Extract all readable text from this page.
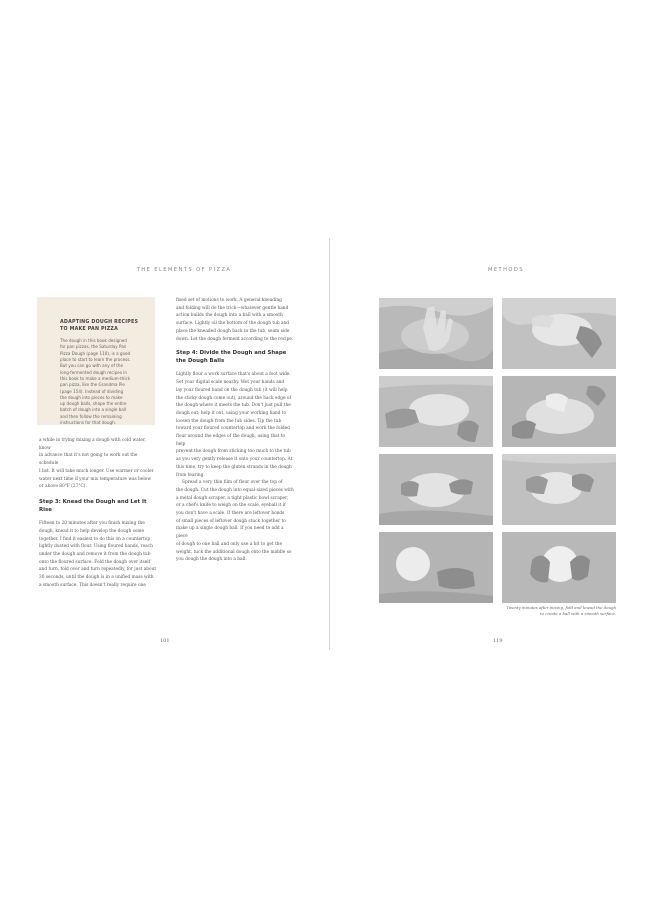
THE ELEMENTS OF PIZZA
ADAPTING DOUGH RECIPES
TO MAKE PAN PIZZA
The dough in this book designed
for pan pizzas, the Saturday Pan
Pizza Dough (page 110), is a good
place to start to learn the process.
But you can go with any of the
long-fermented dough recipes in
this book to make a medium-thick
pan pizza, like the Grandma Pie
(page 154). Instead of dividing
the dough into pieces to make
up dough balls, shape the entire
batch of dough into a single ball
and then follow the remaining
instructions for that dough.

a while in trying mixing a dough with cold water, know

in advance that it's not going to work out the schedule

I list. It will take much longer. Use warmer or cooler

water next time if your mix temperature was below

or above 80°F (27°C).

Step 3: Knead the Dough and Let It Rise

Fifteen to 20 minutes after you finish mixing the

dough, knead it to help develop the dough some

together. I find it easiest to do this on a countertop

lightly dusted with flour. Using floured hands, reach

under the dough and remove it from the dough tub

onto the floured surface. Fold the dough over itself

and turn, fold over and turn repeatedly, for just about

30 seconds, until the dough is in a unified mass with

a smooth surface. This doesn't really require one

fixed set of motions to work. A general kneading

and folding will do the trick—whatever gentle hand

action builds the dough into a ball with a smooth

surface. Lightly oil the bottom of the dough tub and

place the kneaded dough back in the tub, seam side

down. Let the dough ferment according to the recipe.

Step 4: Divide the Dough and Shape
the Dough Balls

Lightly flour a work surface that's about a foot wide.

Set your digital scale nearby. Wet your hands and

lay your floured hand on the dough tub (it will help

the sticky dough come out), around the back edge of

the dough where it meets the tub. Don't just pull the

dough out; help it out, using your working hand to

loosen the dough from the tub sides. Tip the tub

toward your floured countertop and work the folded

flour around the edges of the dough, using that to help

prevent the dough from sticking too much to the tub

as you very gently release it onto your countertop. At

this time, try to keep the gluten strands in the dough

from tearing.

Spread a very thin film of flour over the top of

the dough. Cut the dough into equal-sized pieces with

a metal dough scraper, a tight plastic bowl scraper,

or a chef's knife to weigh on the scale, eyeball it if

you don't have a scale. If there are leftover bonds

of small pieces of leftover dough stuck together to

make up a single dough ball. If you need to add a piece

of dough to one ball and only use a bit to get the

weight, tuck the additional dough onto the middle so

you dough the dough into a ball.

101
METHODS
Twenty minutes after mixing, fold and knead the dough
to create a ball with a smooth surface.
119
